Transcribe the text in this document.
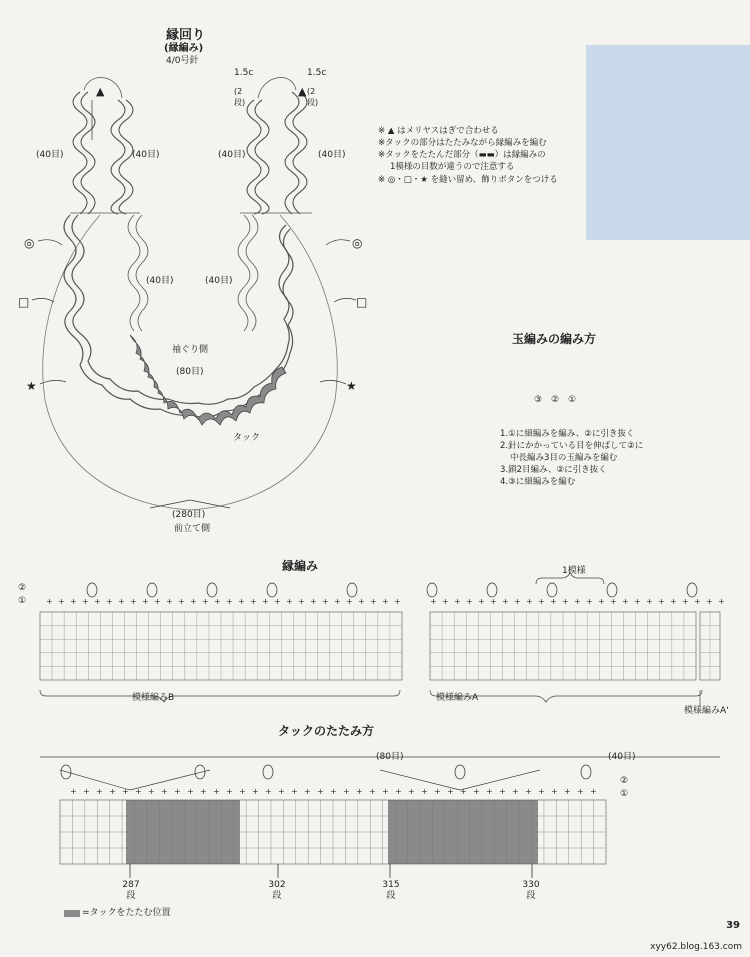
縁回り
(縁編み)
4/0号針
1.5c	1.5c
(2 段)
(2 段)
(40目)	(40目)	(40目)	(40目)
(40目)	(40目)
袖ぐり側
(80目)
タック
(280目)
前立て側
▲	▲
◎	◎
□	□
★	★
+ + + + + + + + + + + + + + + + + + + + + + + + + + + + + +	+ + + + + + + + + + + + + + + + + + + + + + + + +
+ + + + + + + + + + + + + + + + + + + + + + + + + + + + + + + + + + + + + + + + +
※ ▲ はメリヤスはぎで合わせる
※タックの部分はたたみながら縁編みを編む
※タックをたたんだ部分（▬▬）は縁編みの
1模様の目数が違うので注意する
※ ◎・□・★ を縫い留め、飾りボタンをつける
玉編みの編み方
③ ② ①
1.①に細編みを編み、②に引き抜く
2.針にかかっている目を伸ばして②に
中長編み3目の玉編みを編む
3.鎖2目編み、②に引き抜く
4.③に細編みを編む
縁編み
②
①
1模様
模様編みB	模様編みA
模様編みA'
タックのたたみ方
(80目)	(40目)
②
①
287 段
302 段
315 段
330 段
=タックをたたむ位置
39
xyy62.blog.163.com
